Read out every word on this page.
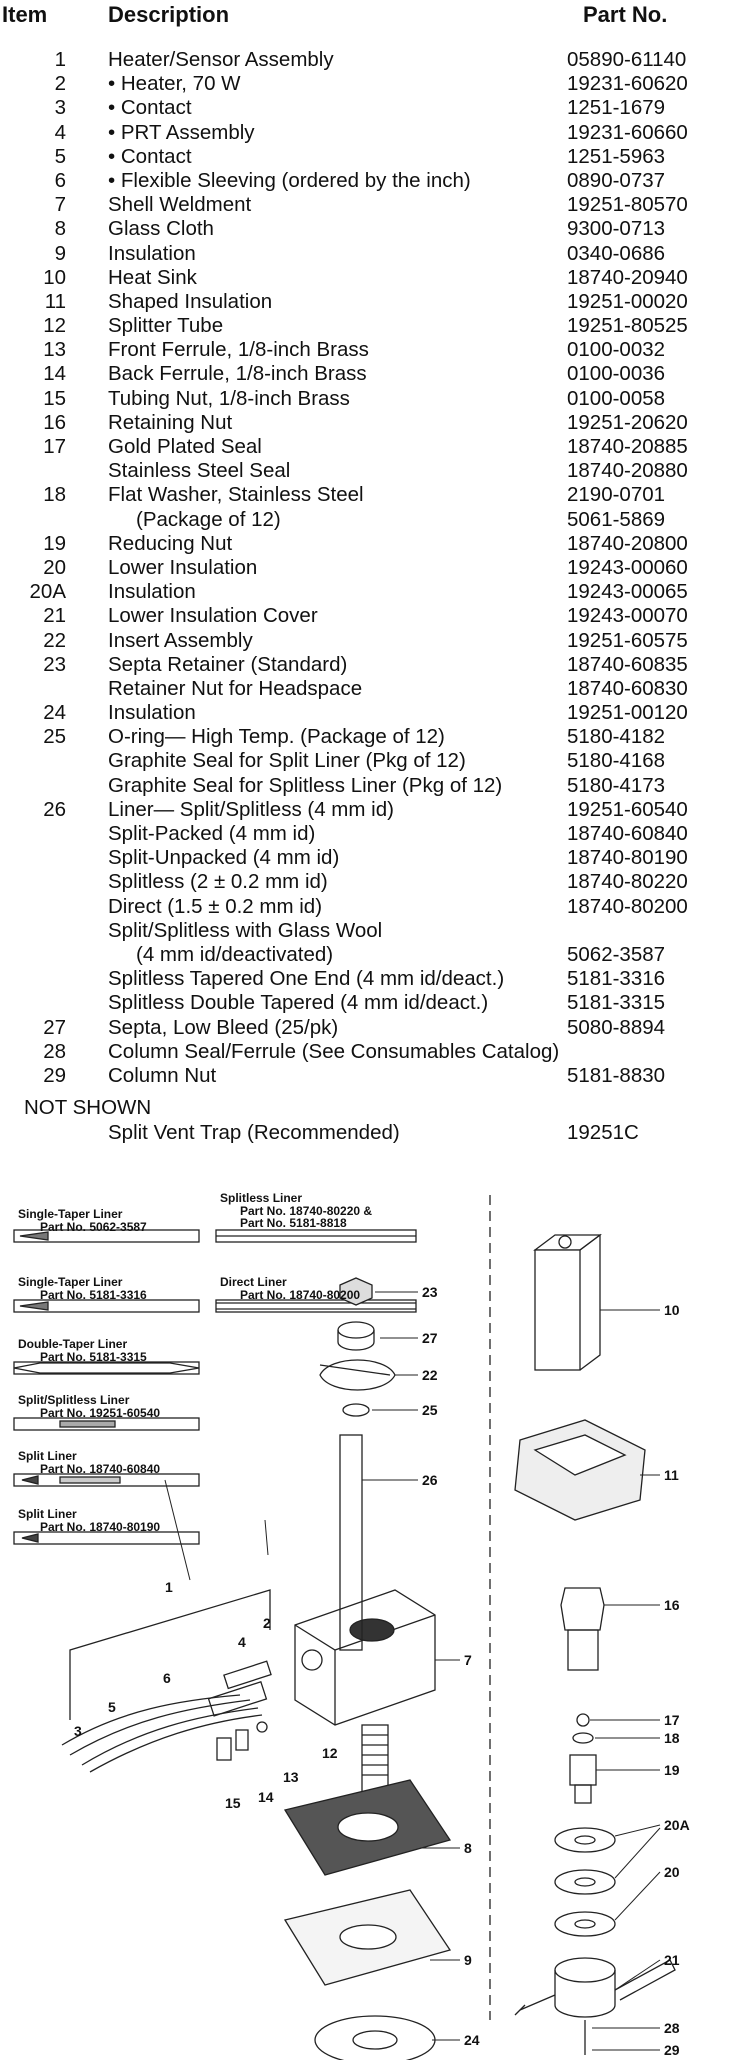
Item	Description	Part No.
1 Heater/Sensor Assembly	05890-61140
2 • Heater, 70 W	19231-60620
3 • Contact	1251-1679
4 • PRT Assembly	19231-60660
5 • Contact	1251-5963
6 • Flexible Sleeving (ordered by the inch)	0890-0737
7 Shell Weldment	19251-80570
8 Glass Cloth	9300-0713
9 Insulation	0340-0686
10 Heat Sink	18740-20940
11 Shaped Insulation	19251-00020
12 Splitter Tube	19251-80525
13 Front Ferrule, 1/8-inch Brass	0100-0032
14 Back Ferrule, 1/8-inch Brass	0100-0036
15 Tubing Nut, 1/8-inch Brass	0100-0058
16 Retaining Nut	19251-20620
17 Gold Plated Seal	18740-20885
Stainless Steel Seal	18740-20880
18 Flat Washer, Stainless Steel	2190-0701
(Package of 12)	5061-5869
19 Reducing Nut	18740-20800
20 Lower Insulation	19243-00060
20A Insulation	19243-00065
21 Lower Insulation Cover	19243-00070
22 Insert Assembly	19251-60575
23 Septa Retainer (Standard)	18740-60835
Retainer Nut for Headspace	18740-60830
24 Insulation	19251-00120
25 O-ring— High Temp. (Package of 12)	5180-4182
Graphite Seal for Split Liner (Pkg of 12)	5180-4168
Graphite Seal for Splitless Liner (Pkg of 12)	5180-4173
26 Liner— Split/Splitless (4 mm id)	19251-60540
Split-Packed (4 mm id)	18740-60840
Split-Unpacked (4 mm id)	18740-80190
Splitless (2 ± 0.2 mm id)	18740-80220
Direct (1.5 ± 0.2 mm id)	18740-80200
Split/Splitless with Glass Wool
(4 mm id/deactivated)	5062-3587
Splitless Tapered One End (4 mm id/deact.)	5181-3316
Splitless Double Tapered (4 mm id/deact.)	5181-3315
27 Septa, Low Bleed (25/pk)	5080-8894
28 Column Seal/Ferrule (See Consumables Catalog)
29 Column Nut	5181-8830
NOT SHOWN
Split Vent Trap (Recommended)	19251C
Single-Taper Liner
Part No. 5062-3587
Splitless Liner
Part No. 18740-80220 &
Part No. 5181-8818
Single-Taper Liner
Part No. 5181-3316
Direct Liner
Part No. 18740-80200
Double-Taper Liner
Part No. 5181-3315
Split/Splitless Liner
Part No. 19251-60540
Split Liner
Part No. 18740-60840
Split Liner
Part No. 18740-80190
23
27
22
25
26
7
8
9
24
10
11
16
17
18
19
20A
20
21
28
29
1
2
4
6
5
3
12
13
14
15
